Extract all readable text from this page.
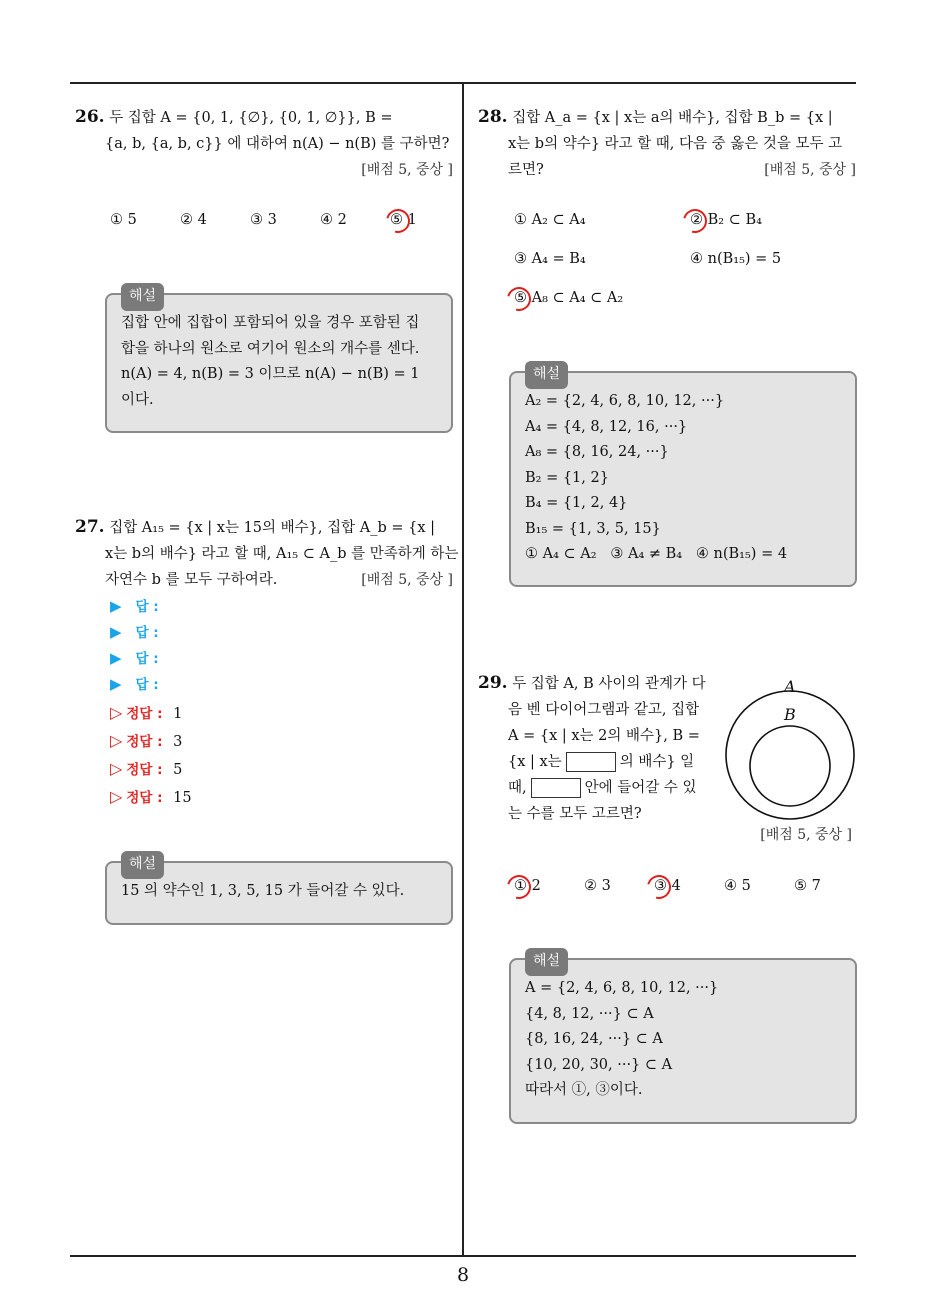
26. 두 집합 A = {0, 1, {∅}, {0, 1, ∅}}, B =
{a, b, {a, b, c}} 에 대하여 n(A) − n(B) 를 구하면?
[배점 5, 중상 ]
① 5	② 4	③ 3	④ 2	⑤ 1
해설
집합 안에 집합이 포함되어 있을 경우 포함된 집
합을 하나의 원소로 여기어 원소의 개수를 센다.
n(A) = 4, n(B) = 3 이므로 n(A) − n(B) = 1
이다.
27. 집합 A₁₅ = {x | x는 15의 배수}, 집합 A_b = {x |
x는 b의 배수} 라고 할 때, A₁₅ ⊂ A_b 를 만족하게 하는
자연수 b 를 모두 구하여라.	[배점 5, 중상 ]
▶ 답 :
▶ 답 :
▶ 답 :
▶ 답 :
▷ 정답 : 1
▷ 정답 : 3
▷ 정답 : 5
▷ 정답 : 15
해설
15 의 약수인 1, 3, 5, 15 가 들어갈 수 있다.
28. 집합 A_a = {x | x는 a의 배수}, 집합 B_b = {x |
x는 b의 약수} 라고 할 때, 다음 중 옳은 것을 모두 고
르면?	[배점 5, 중상 ]
① A₂ ⊂ A₄	② B₂ ⊂ B₄
③ A₄ = B₄	④ n(B₁₅) = 5
⑤ A₈ ⊂ A₄ ⊂ A₂
해설
A₂ = {2, 4, 6, 8, 10, 12, ···}
A₄ = {4, 8, 12, 16, ···}
A₈ = {8, 16, 24, ···}
B₂ = {1, 2}
B₄ = {1, 2, 4}
B₁₅ = {1, 3, 5, 15}
① A₄ ⊂ A₂   ③ A₄ ≠ B₄   ④ n(B₁₅) = 4
29. 두 집합 A, B 사이의 관계가 다
음 벤 다이어그램과 같고, 집합
A = {x | x는 2의 배수}, B =
{x | x는	의 배수} 일
때,	안에 들어갈 수 있
는 수를 모두 고르면?
A
B
[배점 5, 중상 ]
① 2	② 3	③ 4	④ 5	⑤ 7
해설
A = {2, 4, 6, 8, 10, 12, ···}
{4, 8, 12, ···} ⊂ A
{8, 16, 24, ···} ⊂ A
{10, 20, 30, ···} ⊂ A
따라서 ①, ③이다.
8
